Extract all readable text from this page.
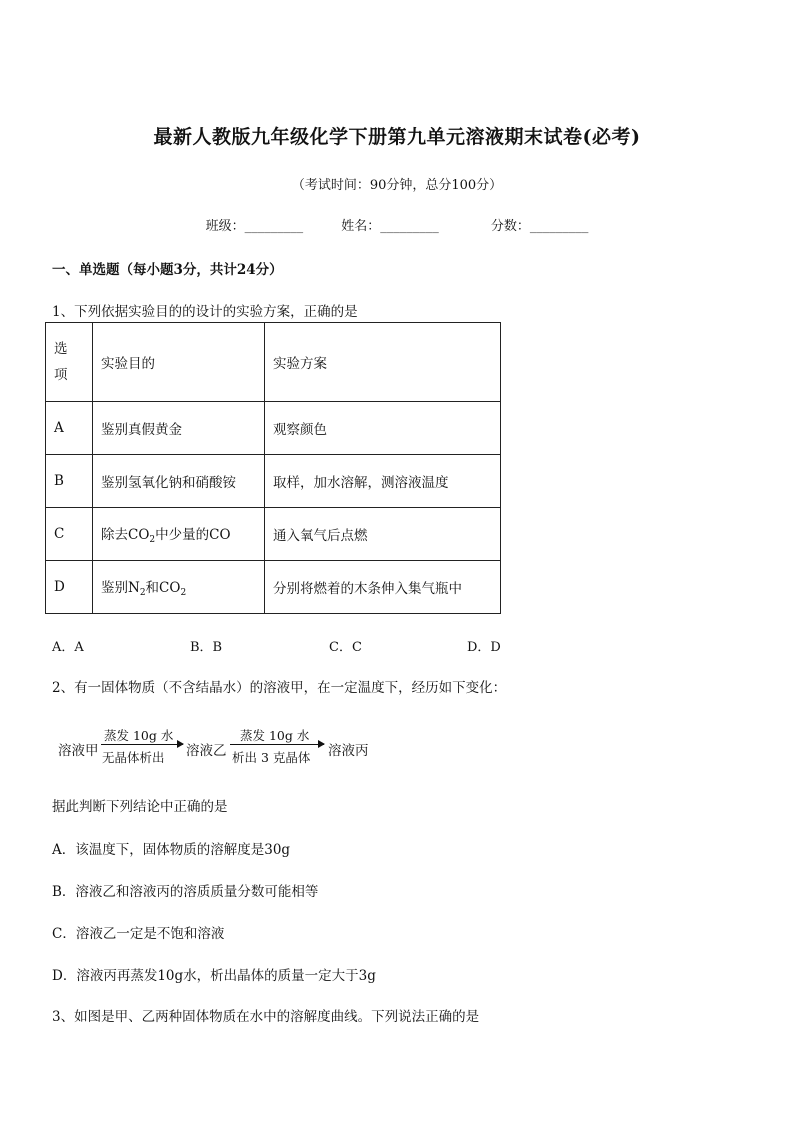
最新人教版九年级化学下册第九单元溶液期末试卷(必考)
（考试时间：90分钟，总分100分）
班级：_________	姓名：_________	分数：_________
一、单选题（每小题3分，共计24分）
1、下列依据实验目的的设计的实验方案，正确的是
选项	实验目的	实验方案
A	鉴别真假黄金	观察颜色
B	鉴别氢氧化钠和硝酸铵	取样，加水溶解，测溶液温度
C	除去$CO_2$中少量的CO	通入氧气后点燃
D	鉴别$N_2$和$CO_2$	分别将燃着的木条伸入集气瓶中
A．A	B．B	C．C	D．D
2、有一固体物质（不含结晶水）的溶液甲，在一定温度下，经历如下变化：
溶液甲
蒸发 10g 水
无晶体析出 溶液乙
蒸发 10g 水
析出 3 克晶体 溶液丙
据此判断下列结论中正确的是
A．该温度下，固体物质的溶解度是30g
B．溶液乙和溶液丙的溶质质量分数可能相等
C．溶液乙一定是不饱和溶液
D．溶液丙再蒸发10g水，析出晶体的质量一定大于3g
3、如图是甲、乙两种固体物质在水中的溶解度曲线。下列说法正确的是
